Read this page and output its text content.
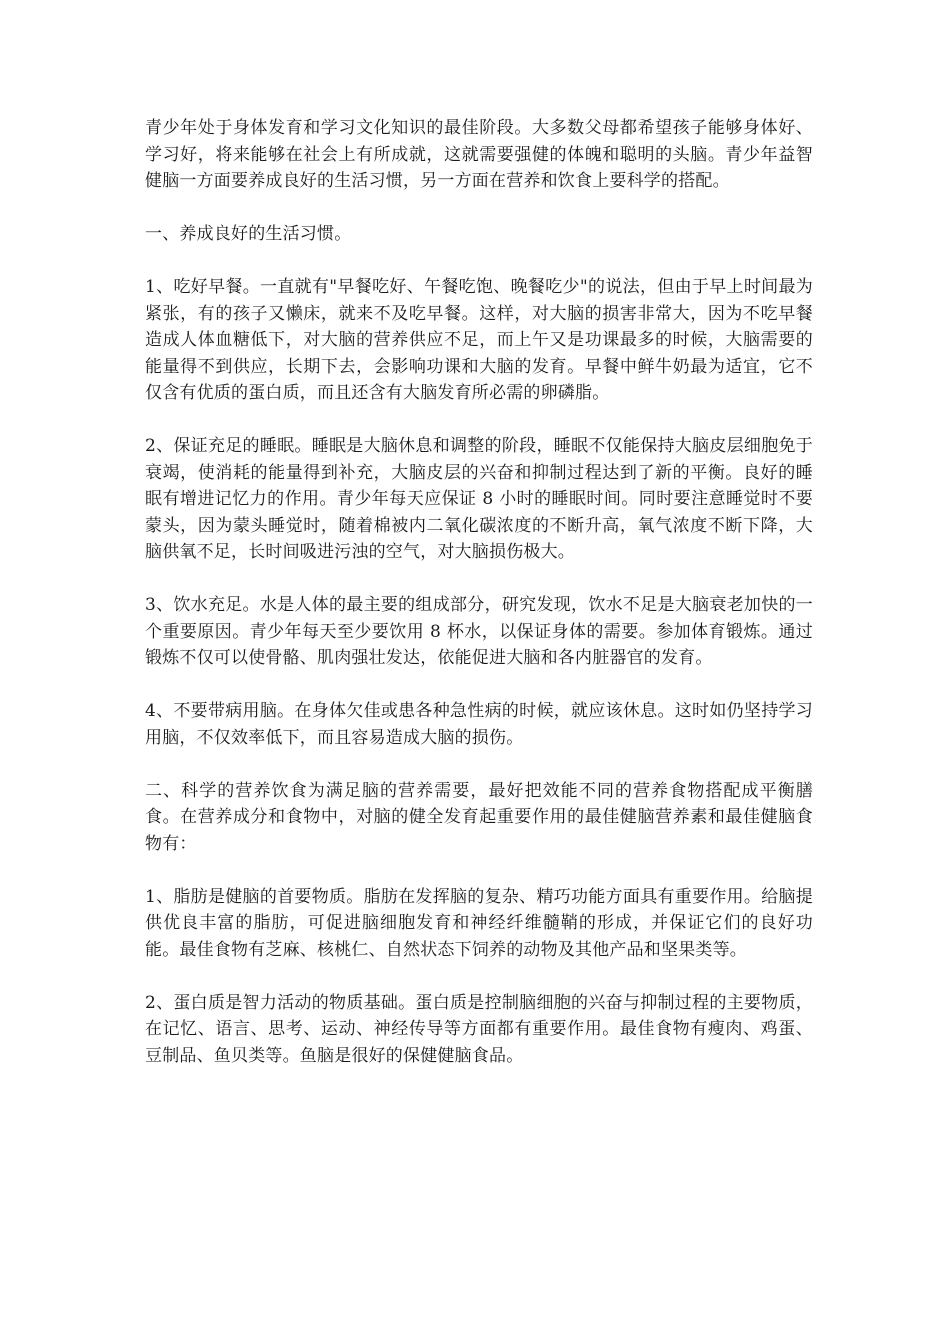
青少年处于身体发育和学习文化知识的最佳阶段。大多数父母都希望孩子能够身体好、学习好，将来能够在社会上有所成就，这就需要强健的体魄和聪明的头脑。青少年益智健脑一方面要养成良好的生活习惯，另一方面在营养和饮食上要科学的搭配。

一、养成良好的生活习惯。

1、吃好早餐。一直就有"早餐吃好、午餐吃饱、晚餐吃少"的说法，但由于早上时间最为紧张，有的孩子又懒床，就来不及吃早餐。这样，对大脑的损害非常大，因为不吃早餐造成人体血糖低下，对大脑的营养供应不足，而上午又是功课最多的时候，大脑需要的能量得不到供应，长期下去，会影响功课和大脑的发育。早餐中鲜牛奶最为适宜，它不仅含有优质的蛋白质，而且还含有大脑发育所必需的卵磷脂。

2、保证充足的睡眠。睡眠是大脑休息和调整的阶段，睡眠不仅能保持大脑皮层细胞免于衰竭，使消耗的能量得到补充，大脑皮层的兴奋和抑制过程达到了新的平衡。良好的睡眠有增进记忆力的作用。青少年每天应保证 8 小时的睡眠时间。同时要注意睡觉时不要蒙头，因为蒙头睡觉时，随着棉被内二氧化碳浓度的不断升高，氧气浓度不断下降，大脑供氧不足，长时间吸进污浊的空气，对大脑损伤极大。

3、饮水充足。水是人体的最主要的组成部分，研究发现，饮水不足是大脑衰老加快的一个重要原因。青少年每天至少要饮用 8 杯水，以保证身体的需要。参加体育锻炼。通过锻炼不仅可以使骨骼、肌肉强壮发达，依能促进大脑和各内脏器官的发育。

4、不要带病用脑。在身体欠佳或患各种急性病的时候，就应该休息。这时如仍坚持学习用脑，不仅效率低下，而且容易造成大脑的损伤。

二、科学的营养饮食为满足脑的营养需要，最好把效能不同的营养食物搭配成平衡膳食。在营养成分和食物中，对脑的健全发育起重要作用的最佳健脑营养素和最佳健脑食物有：

1、脂肪是健脑的首要物质。脂肪在发挥脑的复杂、精巧功能方面具有重要作用。给脑提供优良丰富的脂肪，可促进脑细胞发育和神经纤维髓鞘的形成，并保证它们的良好功能。最佳食物有芝麻、核桃仁、自然状态下饲养的动物及其他产品和坚果类等。

2、蛋白质是智力活动的物质基础。蛋白质是控制脑细胞的兴奋与抑制过程的主要物质，在记忆、语言、思考、运动、神经传导等方面都有重要作用。最佳食物有瘦肉、鸡蛋、豆制品、鱼贝类等。鱼脑是很好的保健健脑食品。
